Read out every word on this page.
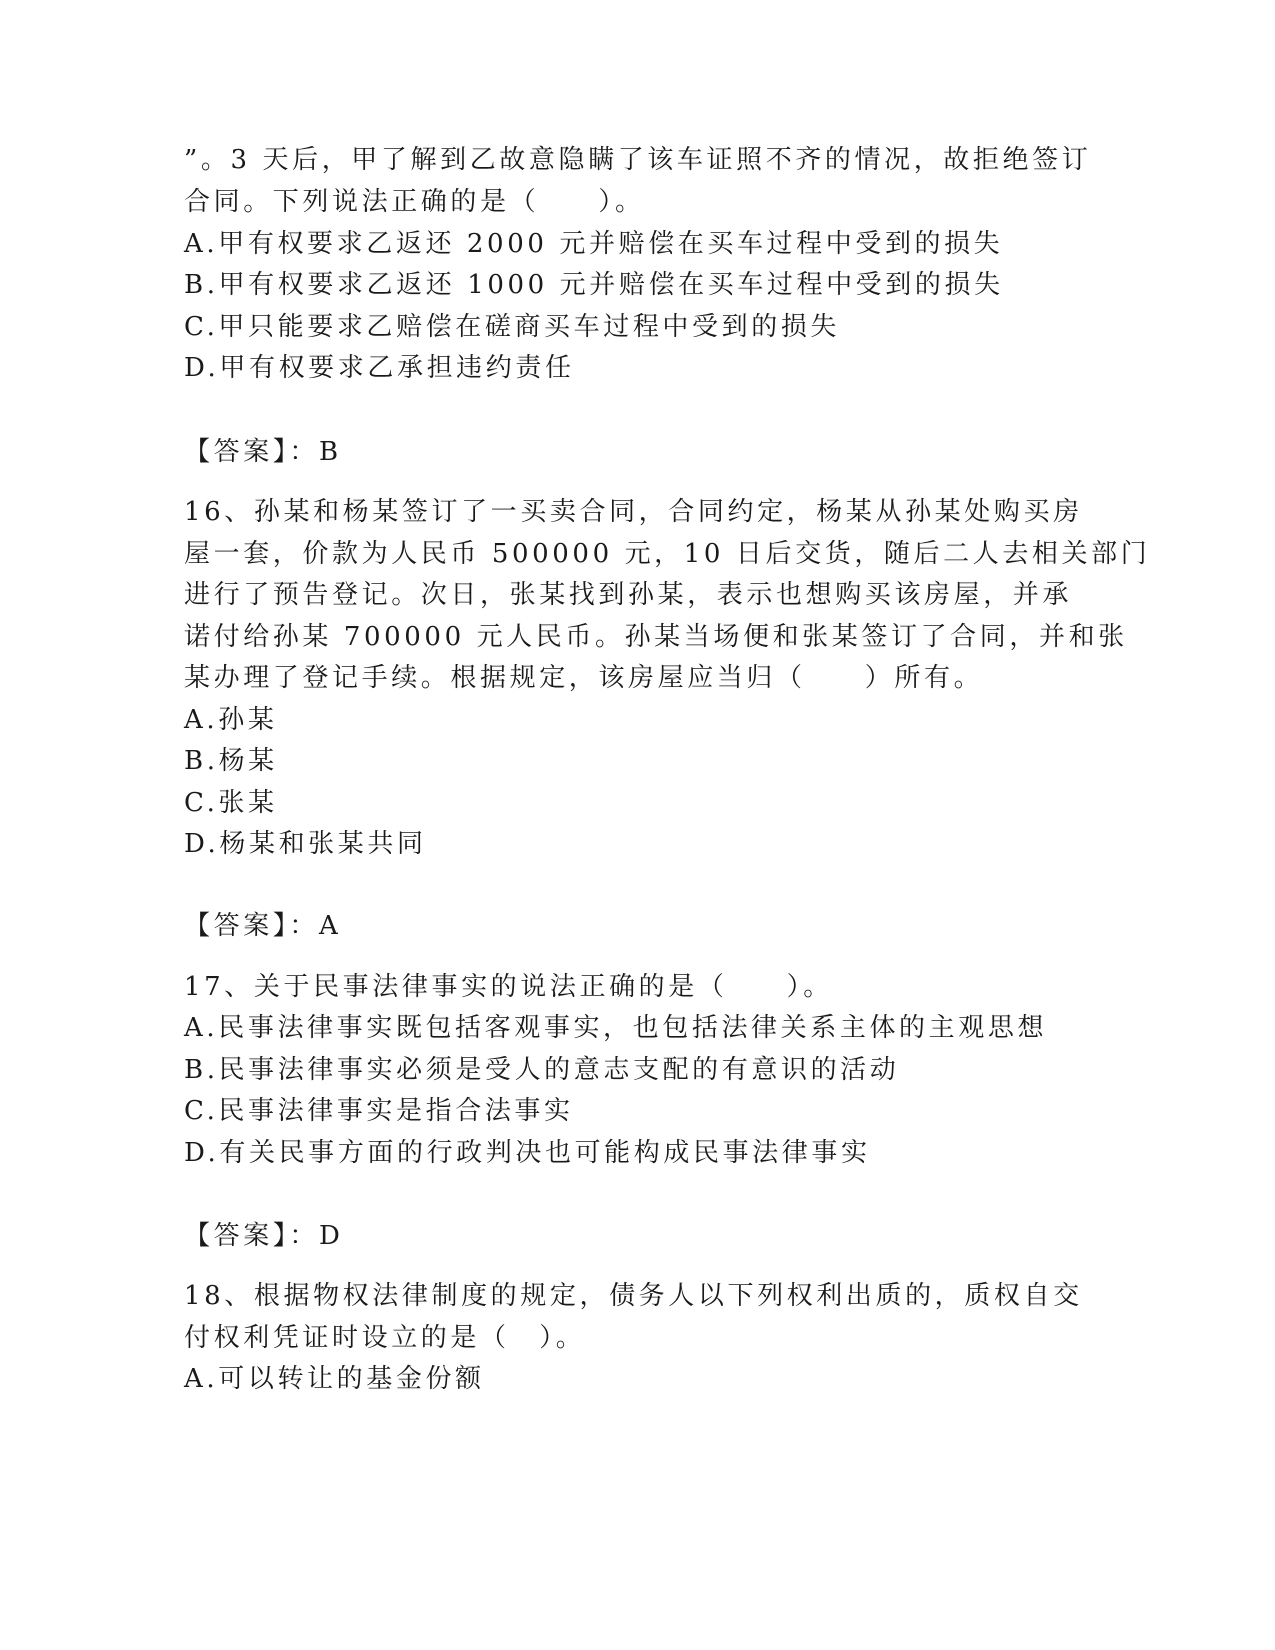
”。3 天后，甲了解到乙故意隐瞒了该车证照不齐的情况，故拒绝签订
合同。下列说法正确的是（　　）。
A.甲有权要求乙返还 2000 元并赔偿在买车过程中受到的损失
B.甲有权要求乙返还 1000 元并赔偿在买车过程中受到的损失
C.甲只能要求乙赔偿在磋商买车过程中受到的损失
D.甲有权要求乙承担违约责任
【答案】：B
16、孙某和杨某签订了一买卖合同，合同约定，杨某从孙某处购买房
屋一套，价款为人民币 500000 元，10 日后交货，随后二人去相关部门
进行了预告登记。次日，张某找到孙某，表示也想购买该房屋，并承
诺付给孙某 700000 元人民币。孙某当场便和张某签订了合同，并和张
某办理了登记手续。根据规定，该房屋应当归（　　）所有。
A.孙某
B.杨某
C.张某
D.杨某和张某共同
【答案】：A
17、关于民事法律事实的说法正确的是（　　）。
A.民事法律事实既包括客观事实，也包括法律关系主体的主观思想
B.民事法律事实必须是受人的意志支配的有意识的活动
C.民事法律事实是指合法事实
D.有关民事方面的行政判决也可能构成民事法律事实
【答案】：D
18、根据物权法律制度的规定，债务人以下列权利出质的，质权自交
付权利凭证时设立的是（　）。
A.可以转让的基金份额
